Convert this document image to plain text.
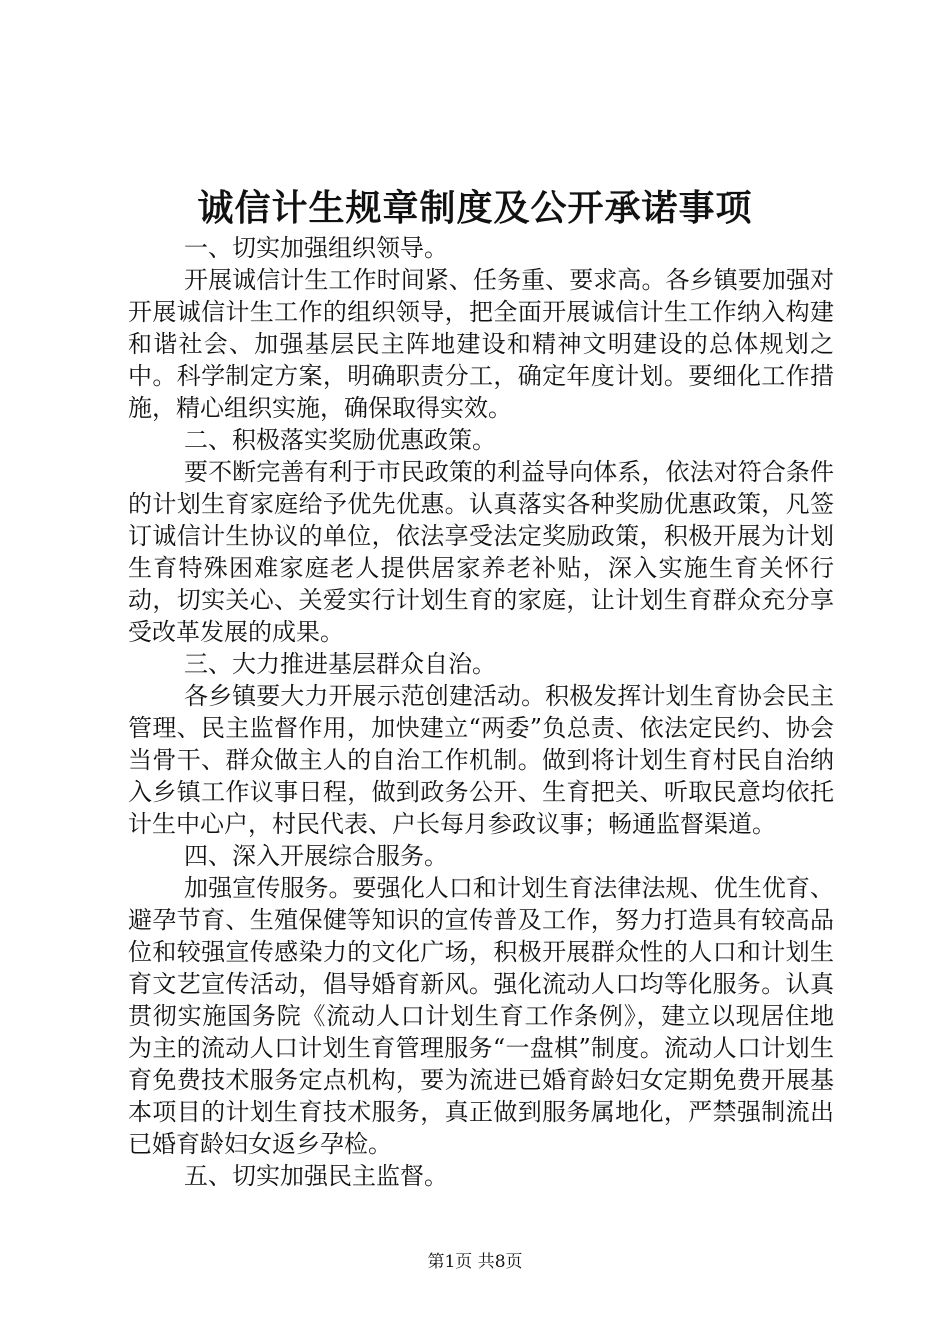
诚信计生规章制度及公开承诺事项

一、切实加强组织领导。

开展诚信计生工作时间紧、任务重、要求高。各乡镇要加强对开展诚信计生工作的组织领导，把全面开展诚信计生工作纳入构建和谐社会、加强基层民主阵地建设和精神文明建设的总体规划之中。科学制定方案，明确职责分工，确定年度计划。要细化工作措施，精心组织实施，确保取得实效。

二、积极落实奖励优惠政策。

要不断完善有利于市民政策的利益导向体系，依法对符合条件的计划生育家庭给予优先优惠。认真落实各种奖励优惠政策，凡签订诚信计生协议的单位，依法享受法定奖励政策，积极开展为计划生育特殊困难家庭老人提供居家养老补贴，深入实施生育关怀行动，切实关心、关爱实行计划生育的家庭，让计划生育群众充分享受改革发展的成果。

三、大力推进基层群众自治。

各乡镇要大力开展示范创建活动。积极发挥计划生育协会民主管理、民主监督作用，加快建立“两委”负总责、依法定民约、协会当骨干、群众做主人的自治工作机制。做到将计划生育村民自治纳入乡镇工作议事日程，做到政务公开、生育把关、听取民意均依托计生中心户，村民代表、户长每月参政议事；畅通监督渠道。

四、深入开展综合服务。

加强宣传服务。要强化人口和计划生育法律法规、优生优育、避孕节育、生殖保健等知识的宣传普及工作，努力打造具有较高品位和较强宣传感染力的文化广场，积极开展群众性的人口和计划生育文艺宣传活动，倡导婚育新风。强化流动人口均等化服务。认真贯彻实施国务院《流动人口计划生育工作条例》，建立以现居住地为主的流动人口计划生育管理服务“一盘棋”制度。流动人口计划生育免费技术服务定点机构，要为流进已婚育龄妇女定期免费开展基本项目的计划生育技术服务，真正做到服务属地化，严禁强制流出已婚育龄妇女返乡孕检。

五、切实加强民主监督。

第1页 共8页
